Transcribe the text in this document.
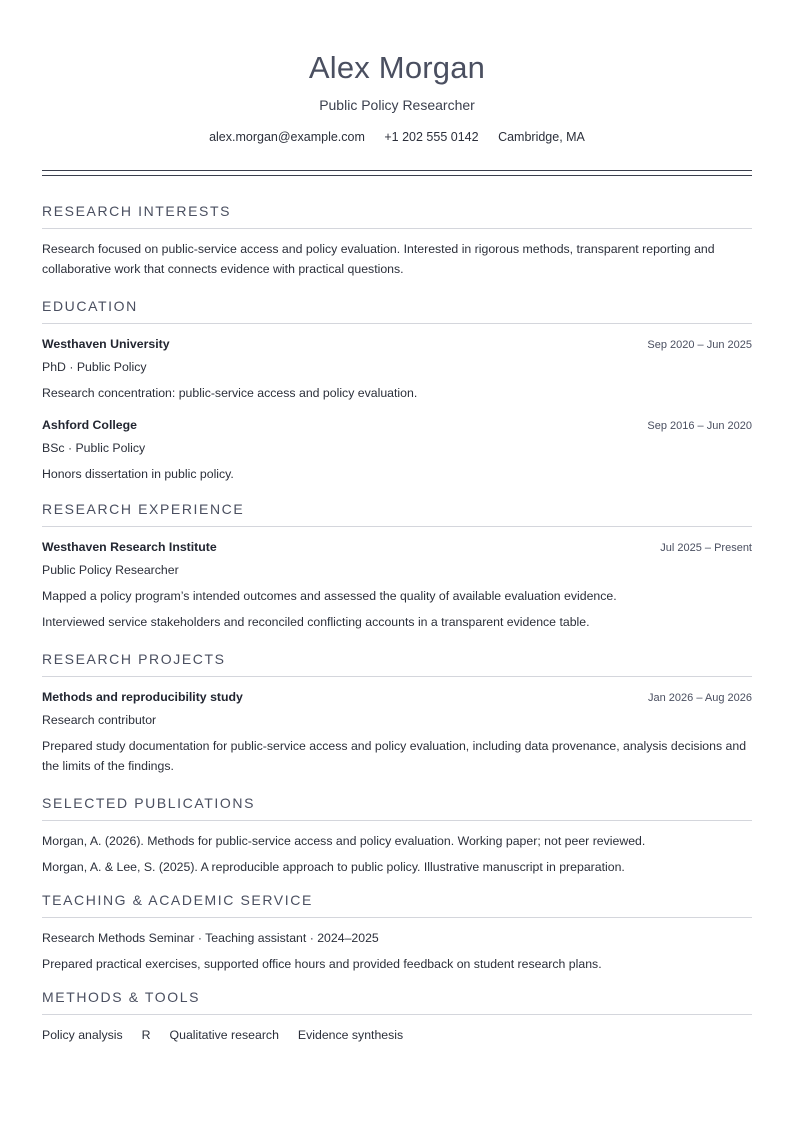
Alex Morgan
Public Policy Researcher
alex.morgan@example.com +1 202 555 0142 Cambridge, MA
RESEARCH INTERESTS

Research focused on public-service access and policy evaluation. Interested in rigorous methods, transparent reporting and collaborative work that connects evidence with practical questions.

EDUCATION
Westhaven University	Sep 2020 – Jun 2025
PhD · Public Policy
Research concentration: public-service access and policy evaluation.
Ashford College	Sep 2016 – Jun 2020
BSc · Public Policy
Honors dissertation in public policy.
RESEARCH EXPERIENCE
Westhaven Research Institute	Jul 2025 – Present
Public Policy Researcher
Mapped a policy program’s intended outcomes and assessed the quality of available evaluation evidence.
Interviewed service stakeholders and reconciled conflicting accounts in a transparent evidence table.
RESEARCH PROJECTS
Methods and reproducibility study	Jan 2026 – Aug 2026
Research contributor
Prepared study documentation for public-service access and policy evaluation, including data provenance, analysis decisions and the limits of the findings.
SELECTED PUBLICATIONS
Morgan, A. (2026). Methods for public-service access and policy evaluation. Working paper; not peer reviewed.
Morgan, A. & Lee, S. (2025). A reproducible approach to public policy. Illustrative manuscript in preparation.
TEACHING & ACADEMIC SERVICE
Research Methods Seminar · Teaching assistant · 2024–2025
Prepared practical exercises, supported office hours and provided feedback on student research plans.
METHODS & TOOLS
Policy analysis R Qualitative research Evidence synthesis
